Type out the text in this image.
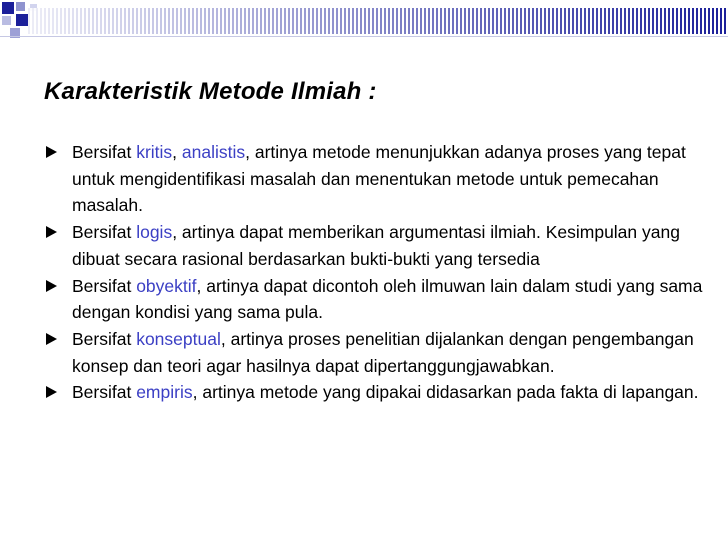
Karakteristik Metode Ilmiah :
Bersifat kritis, analistis, artinya metode menunjukkan adanya proses yang tepat untuk mengidentifikasi masalah dan menentukan metode untuk pemecahan masalah.
Bersifat logis, artinya dapat memberikan argumentasi ilmiah. Kesimpulan yang dibuat secara rasional berdasarkan bukti-bukti yang tersedia
Bersifat obyektif, artinya dapat dicontoh oleh ilmuwan lain dalam studi yang sama dengan kondisi yang sama pula.
Bersifat konseptual, artinya proses penelitian dijalankan dengan pengembangan konsep dan teori agar hasilnya dapat dipertanggungjawabkan.
Bersifat empiris, artinya metode yang dipakai didasarkan pada fakta di lapangan.
